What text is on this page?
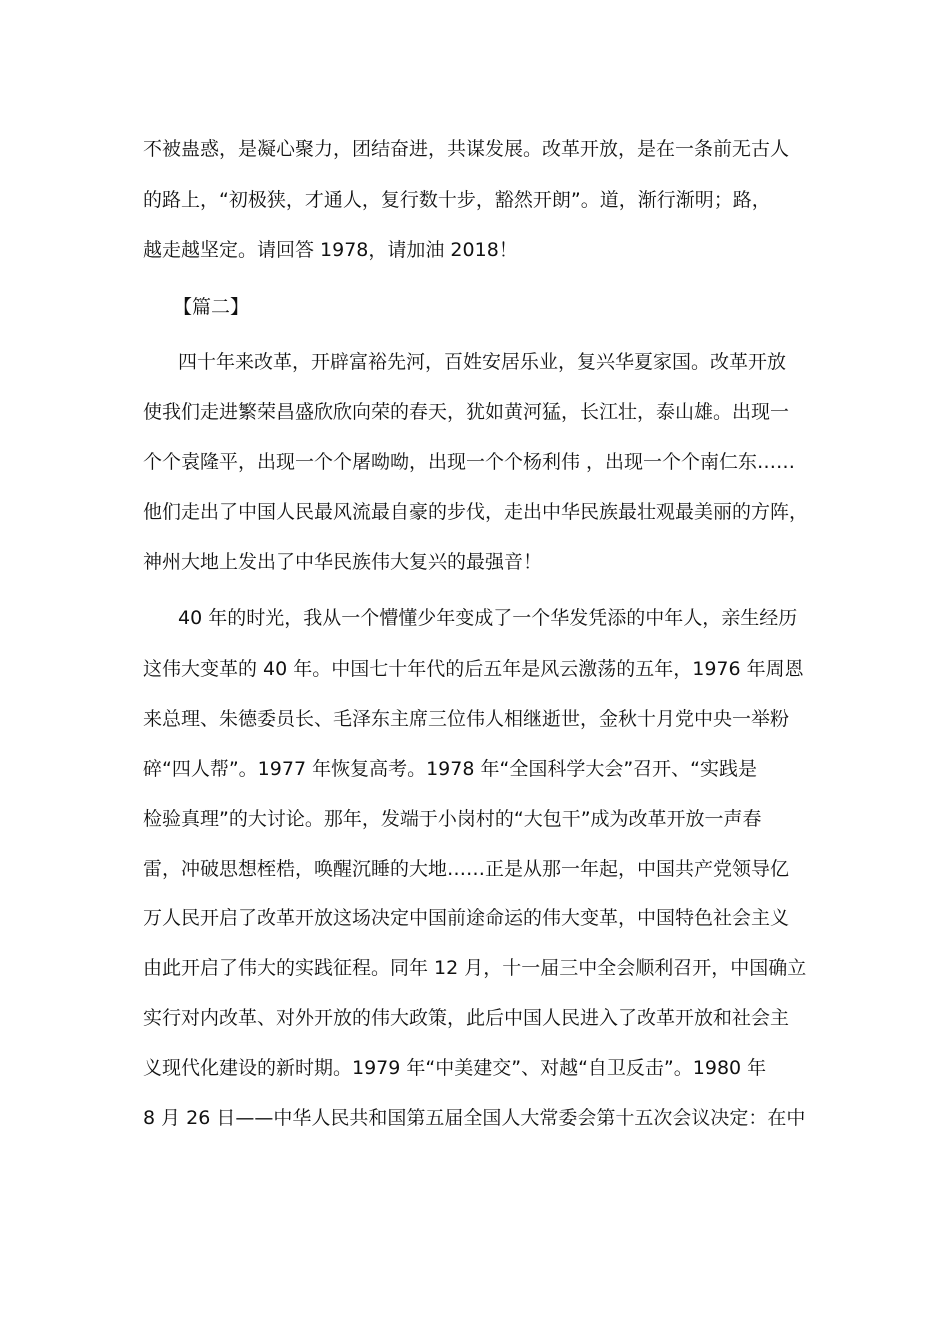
不被蛊惑，是凝心聚力，团结奋进，共谋发展。改革开放，是在一条前无古人
的路上，“初极狭，才通人，复行数十步，豁然开朗”。道，渐行渐明；路，
越走越坚定。请回答 1978，请加油 2018！
【篇二】
四十年来改革，开辟富裕先河，百姓安居乐业，复兴华夏家国。改革开放
使我们走进繁荣昌盛欣欣向荣的春天，犹如黄河猛，长江壮，泰山雄。出现一
个个袁隆平，出现一个个屠呦呦，出现一个个杨利伟 ，出现一个个南仁东……
他们走出了中国人民最风流最自豪的步伐，走出中华民族最壮观最美丽的方阵，
神州大地上发出了中华民族伟大复兴的最强音！
40 年的时光，我从一个懵懂少年变成了一个华发凭添的中年人，亲生经历
这伟大变革的 40 年。中国七十年代的后五年是风云激荡的五年，1976 年周恩
来总理、朱德委员长、毛泽东主席三位伟人相继逝世，金秋十月党中央一举粉
碎“四人帮”。1977 年恢复高考。1978 年“全国科学大会”召开、“实践是
检验真理”的大讨论。那年，发端于小岗村的“大包干”成为改革开放一声春
雷，冲破思想桎梏，唤醒沉睡的大地……正是从那一年起，中国共产党领导亿
万人民开启了改革开放这场决定中国前途命运的伟大变革，中国特色社会主义
由此开启了伟大的实践征程。同年 12 月，十一届三中全会顺利召开，中国确立
实行对内改革、对外开放的伟大政策，此后中国人民进入了改革开放和社会主
义现代化建设的新时期。1979 年“中美建交”、对越“自卫反击”。1980 年
8 月 26 日——中华人民共和国第五届全国人大常委会第十五次会议决定：在中
